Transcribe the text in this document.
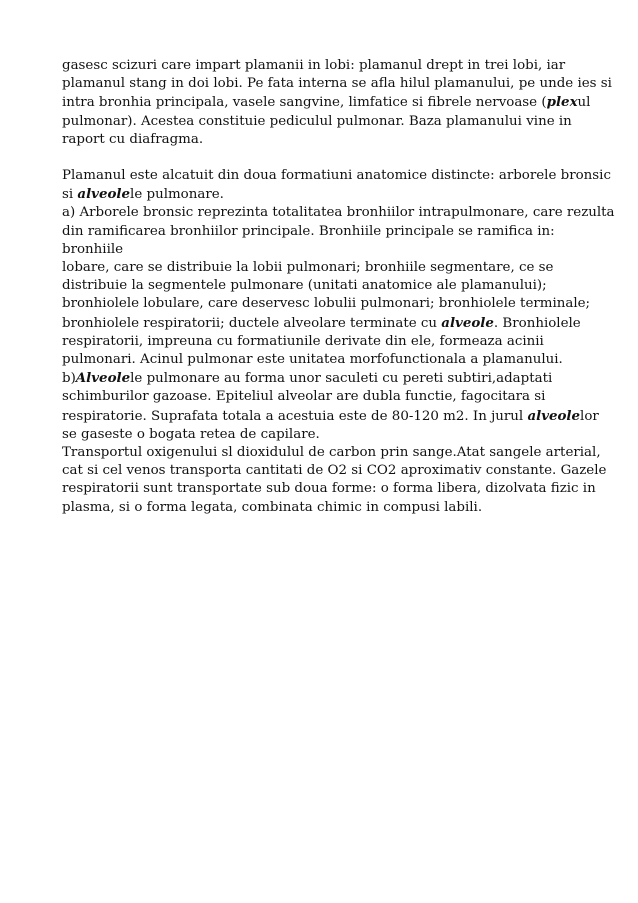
gasesc scizuri care impart plamanii in lobi: plamanul drept in trei lobi, iar
plamanul stang in doi lobi. Pe fata interna se afla hilul plamanului, pe unde ies si
intra bronhia principala, vasele sangvine, limfatice si fibrele nervoase (plexul
pulmonar). Acestea constituie pediculul pulmonar. Baza plamanului vine in
raport cu diafragma.

Plamanul este alcatuit din doua formatiuni anatomice distincte: arborele bronsic
si alveolele pulmonare.
a) Arborele bronsic reprezinta totalitatea bronhiilor intrapulmonare, care rezulta
din ramificarea bronhiilor principale. Bronhiile principale se ramifica in:
bronhiile
lobare, care se distribuie la lobii pulmonari; bronhiile segmentare, ce se
distribuie la segmentele pulmonare (unitati anatomice ale plamanului);
bronhiolele lobulare, care deservesc lobulii pulmonari; bronhiolele terminale;
bronhiolele respiratorii; ductele alveolare terminate cu alveole. Bronhiolele
respiratorii, impreuna cu formatiunile derivate din ele, formeaza acinii
pulmonari. Acinul pulmonar este unitatea morfofunctionala a plamanului.
b)Alveolele pulmonare au forma unor saculeti cu pereti subtiri,adaptati
schimburilor gazoase. Epiteliul alveolar are dubla functie, fagocitara si
respiratorie. Suprafata totala a acestuia este de 80-120 m2. In jurul alveolelor
se gaseste o bogata retea de capilare.
Transportul oxigenului sl dioxidulul de carbon prin sange.Atat sangele arterial,
cat si cel venos transporta cantitati de O2 si CO2 aproximativ constante. Gazele
respiratorii sunt transportate sub doua forme: o forma libera, dizolvata fizic in
plasma, si o forma legata, combinata chimic in compusi labili.
